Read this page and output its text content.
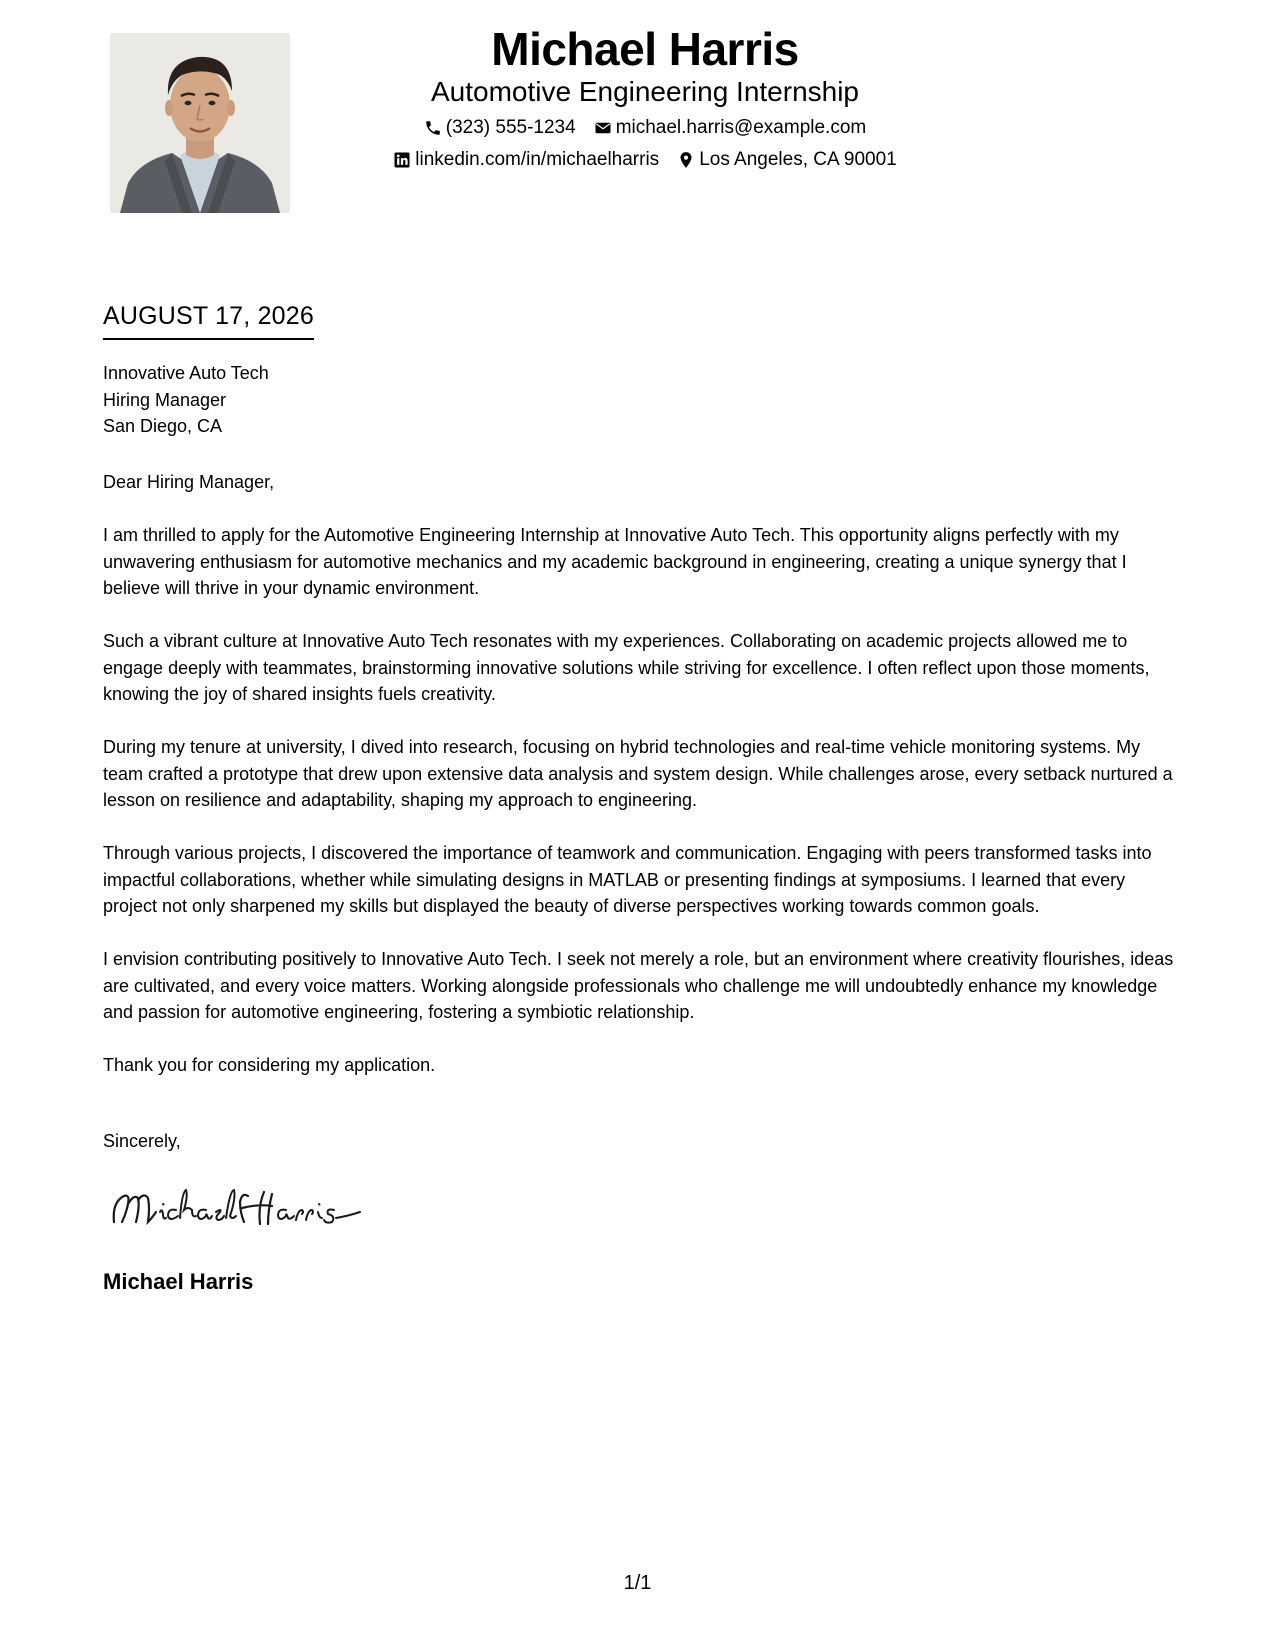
Michael Harris
Automotive Engineering Internship
(323) 555-1234 michael.harris@example.com
linkedin.com/in/michaelharris Los Angeles, CA 90001
AUGUST 17, 2026
Innovative Auto Tech
Hiring Manager
San Diego, CA

Dear Hiring Manager,

I am thrilled to apply for the Automotive Engineering Internship at Innovative Auto Tech. This opportunity aligns perfectly with my unwavering enthusiasm for automotive mechanics and my academic background in engineering, creating a unique synergy that I believe will thrive in your dynamic environment.

Such a vibrant culture at Innovative Auto Tech resonates with my experiences. Collaborating on academic projects allowed me to engage deeply with teammates, brainstorming innovative solutions while striving for excellence. I often reflect upon those moments, knowing the joy of shared insights fuels creativity.

During my tenure at university, I dived into research, focusing on hybrid technologies and real-time vehicle monitoring systems. My team crafted a prototype that drew upon extensive data analysis and system design. While challenges arose, every setback nurtured a lesson on resilience and adaptability, shaping my approach to engineering.

Through various projects, I discovered the importance of teamwork and communication. Engaging with peers transformed tasks into impactful collaborations, whether while simulating designs in MATLAB or presenting findings at symposiums. I learned that every project not only sharpened my skills but displayed the beauty of diverse perspectives working towards common goals.

I envision contributing positively to Innovative Auto Tech. I seek not merely a role, but an environment where creativity flourishes, ideas are cultivated, and every voice matters. Working alongside professionals who challenge me will undoubtedly enhance my knowledge and passion for automotive engineering, fostering a symbiotic relationship.

Thank you for considering my application.

Sincerely,
Michael Harris
1/1
